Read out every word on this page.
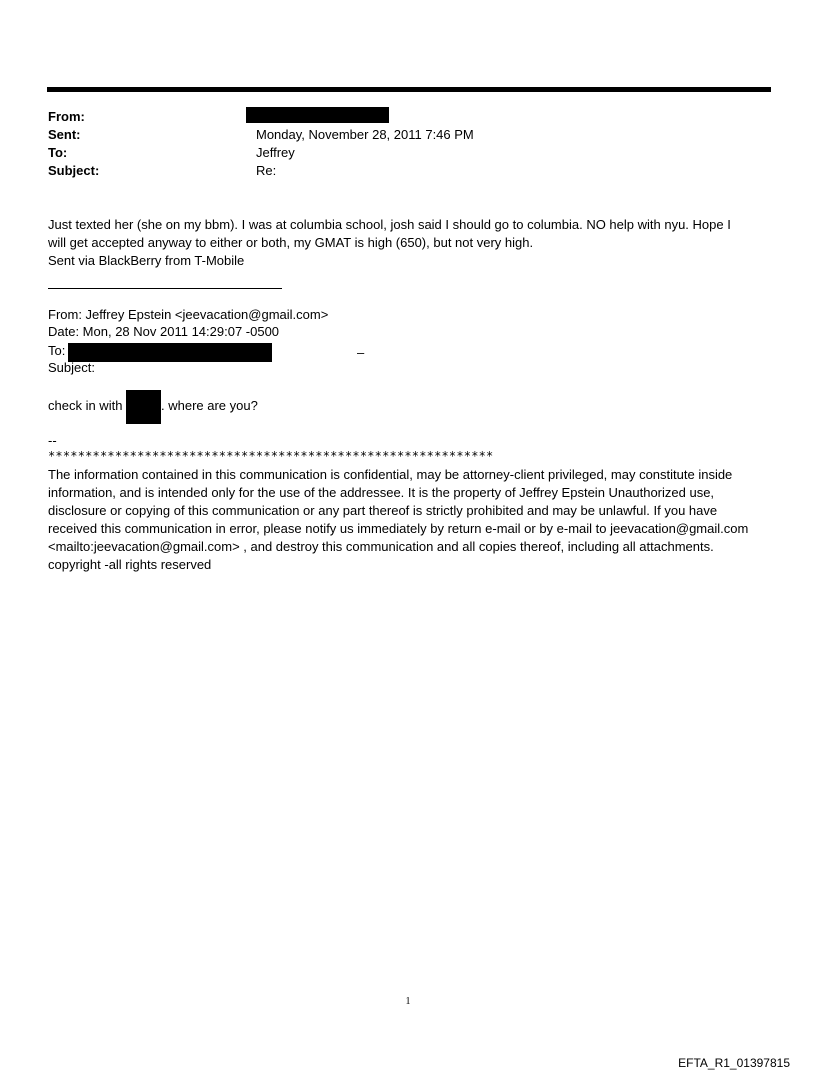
From:
Sent:	Monday, November 28, 2011 7:46 PM
To:	Jeffrey
Subject:	Re:
Just texted her (she on my bbm). I was at columbia school, josh said I should go to columbia. NO help with nyu. Hope I
will get accepted anyway to either or both, my GMAT is high (650), but not very high.
Sent via BlackBerry from T-Mobile
From: Jeffrey Epstein <jeevacation@gmail.com>
Date: Mon, 28 Nov 2011 14:29:07 -0500
To:	–
Subject:
check in with	. where are you?
--
************************************************************
The information contained in this communication is confidential, may be attorney-client privileged, may constitute inside information, and is intended only for the use of the addressee. It is the property of Jeffrey Epstein Unauthorized use, disclosure or copying of this communication or any part thereof is strictly prohibited and may be unlawful. If you have received this communication in error, please notify us immediately by return e-mail or by e-mail to jeevacation@gmail.com <mailto:jeevacation@gmail.com> , and destroy this communication and all copies thereof, including all attachments. copyright -all rights reserved
1
EFTA_R1_01397815
